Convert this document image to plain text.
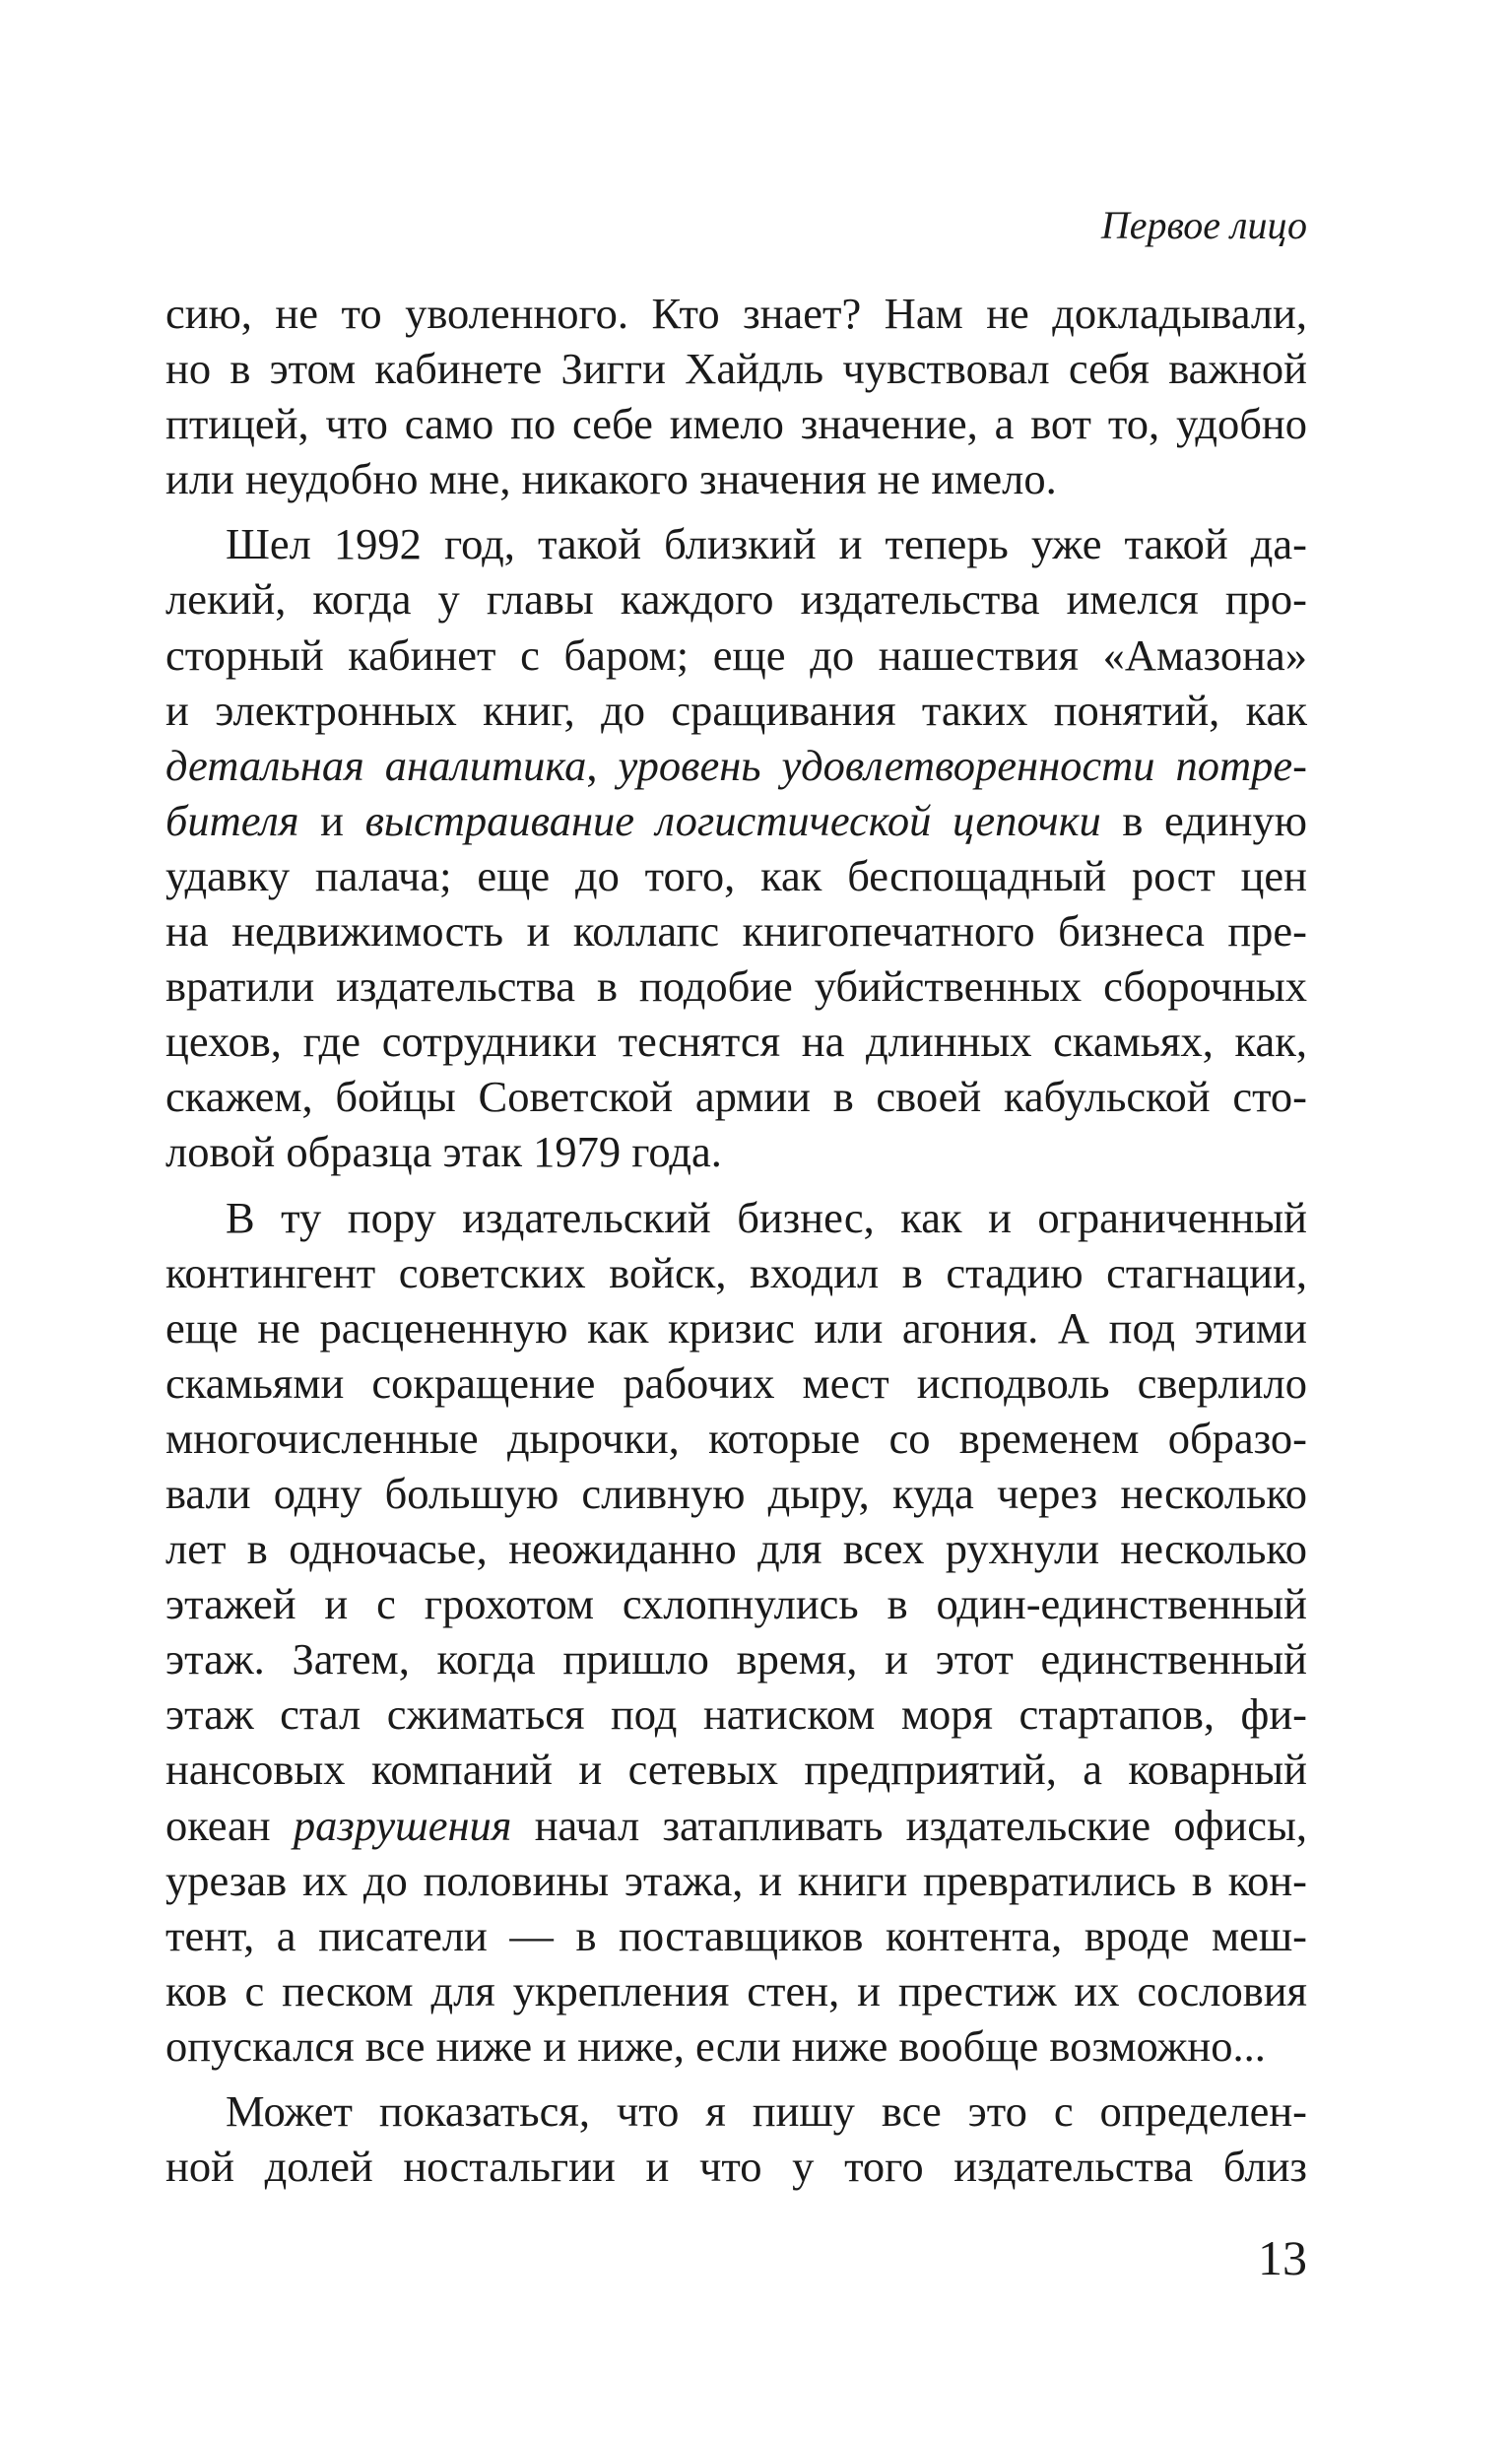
Первое лицо
сию, не то уволенного. Кто знает? Нам не докладывали,
но в этом кабинете Зигги Хайдль чувствовал себя важной
птицей, что само по себе имело значение, а вот то, удобно
или неудобно мне, никакого значения не имело.
Шел 1992 год, такой близкий и теперь уже такой да-
лекий, когда у главы каждого издательства имелся про-
сторный кабинет с баром; еще до нашествия «Амазона»
и электронных книг, до сращивания таких понятий, как
детальная аналитика, уровень удовлетворенности потре-
бителя и выстраивание логистической цепочки в единую
удавку палача; еще до того, как беспощадный рост цен
на недвижимость и коллапс книгопечатного бизнеса пре-
вратили издательства в подобие убийственных сборочных
цехов, где сотрудники теснятся на длинных скамьях, как,
скажем, бойцы Советской армии в своей кабульской сто-
ловой образца этак 1979 года.
В ту пору издательский бизнес, как и ограниченный
контингент советских войск, входил в стадию стагнации,
еще не расцененную как кризис или агония. А под этими
скамьями сокращение рабочих мест исподволь сверлило
многочисленные дырочки, которые со временем образо-
вали одну большую сливную дыру, куда через несколько
лет в одночасье, неожиданно для всех рухнули несколько
этажей и с грохотом схлопнулись в один-единственный
этаж. Затем, когда пришло время, и этот единственный
этаж стал сжиматься под натиском моря стартапов, фи-
нансовых компаний и сетевых предприятий, а коварный
океан разрушения начал затапливать издательские офисы,
урезав их до половины этажа, и книги превратились в кон-
тент, а писатели — в поставщиков контента, вроде меш-
ков с песком для укрепления стен, и престиж их сословия
опускался все ниже и ниже, если ниже вообще возможно...
Может показаться, что я пишу все это с определен-
ной долей ностальгии и что у того издательства близ
13
